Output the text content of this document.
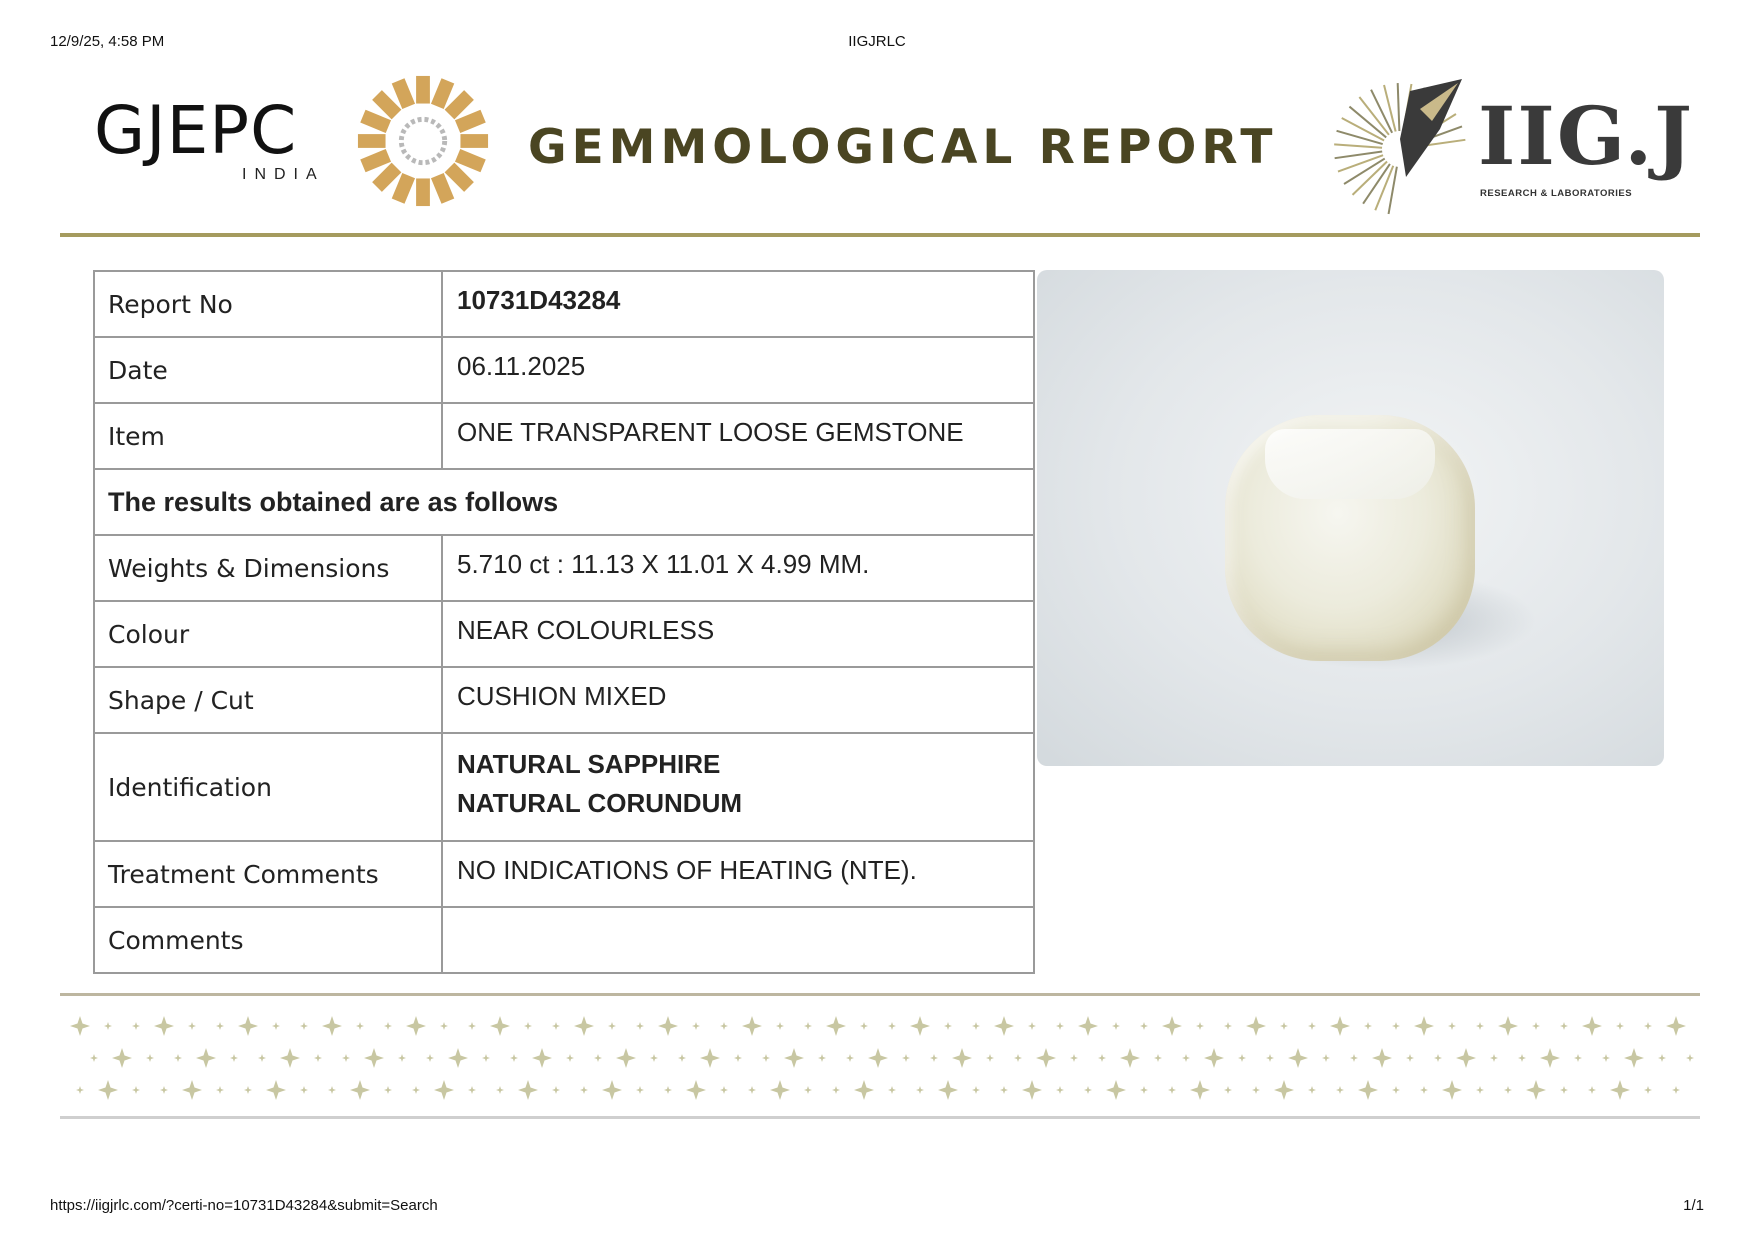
12/9/25, 4:58 PM	IIGJRLC
GJEPC
INDIA	GEMMOLOGICAL REPORT	IIG.J
RESEARCH & LABORATORIES
Report No	10731D43284
Date	06.11.2025
Item	ONE TRANSPARENT LOOSE GEMSTONE
The results obtained are as follows	
Weights & Dimensions	5.710 ct : 11.13 X 11.01 X 4.99 MM.
Colour	NEAR COLOURLESS
Shape / Cut	CUSHION MIXED
Identification	NATURAL SAPPHIRE
NATURAL CORUNDUM

Treatment Comments	NO INDICATIONS OF HEATING (NTE).
Comments	
https://iigjrlc.com/?certi-no=10731D43284&submit=Search	1/1
